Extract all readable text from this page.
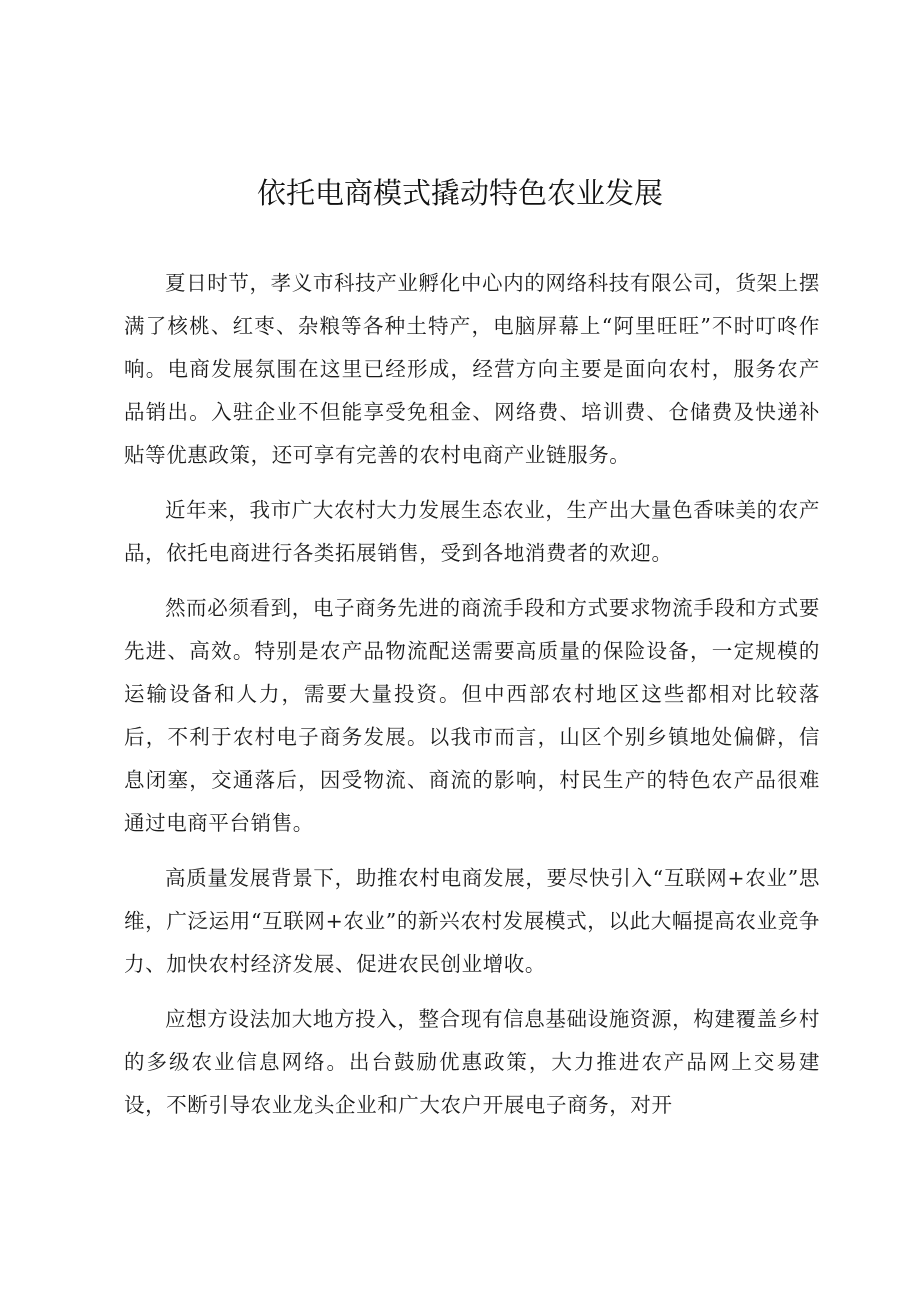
依托电商模式撬动特色农业发展

夏日时节，孝义市科技产业孵化中心内的网络科技有限公司，货架上摆满了核桃、红枣、杂粮等各种土特产，电脑屏幕上“阿里旺旺”不时叮咚作响。电商发展氛围在这里已经形成，经营方向主要是面向农村，服务农产品销出。入驻企业不但能享受免租金、网络费、培训费、仓储费及快递补贴等优惠政策，还可享有完善的农村电商产业链服务。

近年来，我市广大农村大力发展生态农业，生产出大量色香味美的农产品，依托电商进行各类拓展销售，受到各地消费者的欢迎。

然而必须看到，电子商务先进的商流手段和方式要求物流手段和方式要先进、高效。特别是农产品物流配送需要高质量的保险设备，一定规模的运输设备和人力，需要大量投资。但中西部农村地区这些都相对比较落后，不利于农村电子商务发展。以我市而言，山区个别乡镇地处偏僻，信息闭塞，交通落后，因受物流、商流的影响，村民生产的特色农产品很难通过电商平台销售。

高质量发展背景下，助推农村电商发展，要尽快引入“互联网+农业”思维，广泛运用“互联网+农业”的新兴农村发展模式，以此大幅提高农业竞争力、加快农村经济发展、促进农民创业增收。

应想方设法加大地方投入，整合现有信息基础设施资源，构建覆盖乡村的多级农业信息网络。出台鼓励优惠政策，大力推进农产品网上交易建设，不断引导农业龙头企业和广大农户开展电子商务，对开
